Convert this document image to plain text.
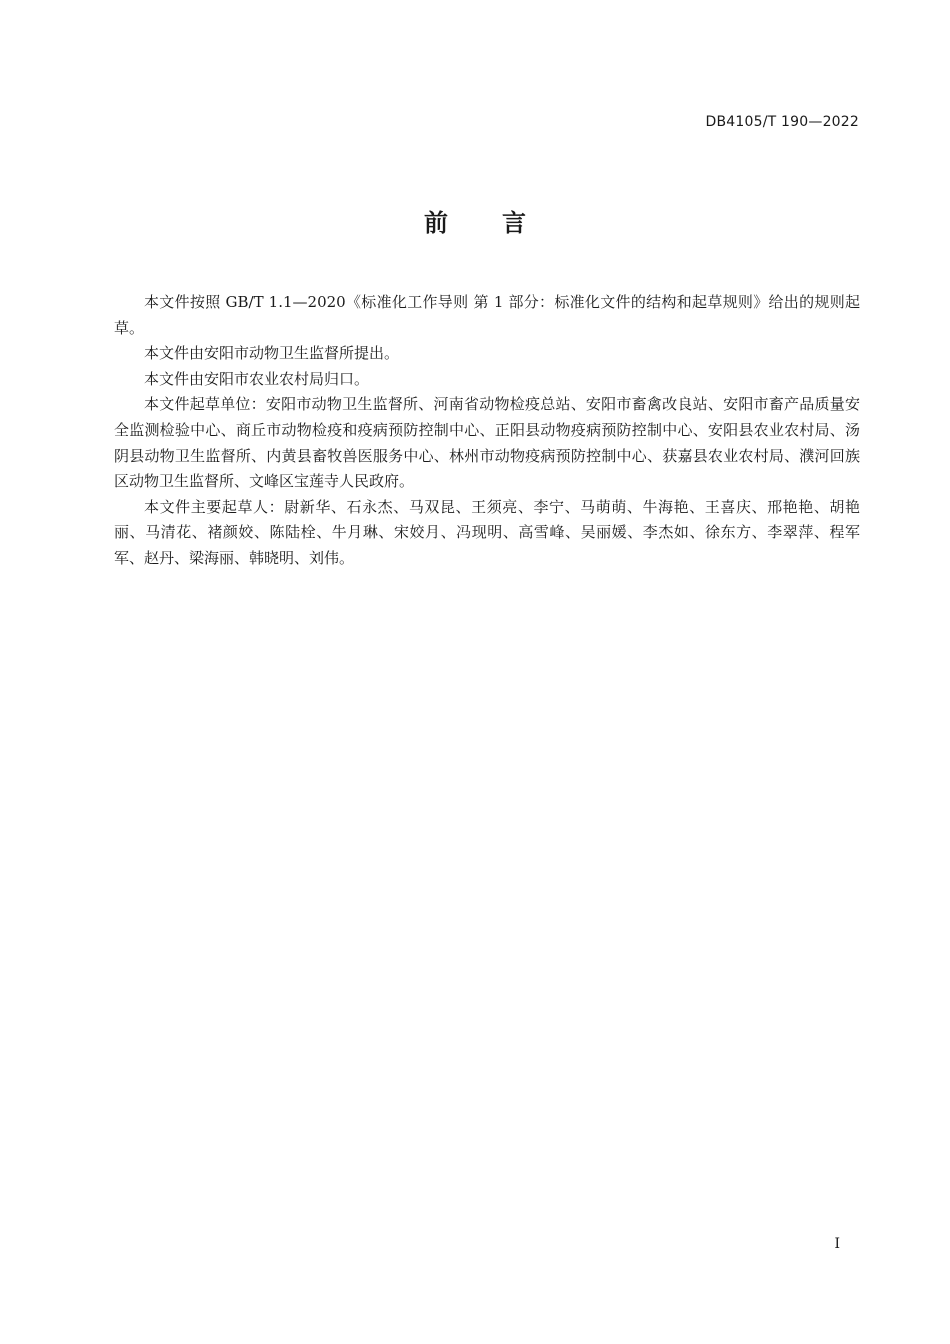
DB4105/T 190—2022
前 言

本文件按照 GB/T 1.1—2020《标准化工作导则 第 1 部分：标准化文件的结构和起草规则》给出的规则起草。

本文件由安阳市动物卫生监督所提出。

本文件由安阳市农业农村局归口。

本文件起草单位：安阳市动物卫生监督所、河南省动物检疫总站、安阳市畜禽改良站、安阳市畜产品质量安全监测检验中心、商丘市动物检疫和疫病预防控制中心、正阳县动物疫病预防控制中心、安阳县农业农村局、汤阴县动物卫生监督所、内黄县畜牧兽医服务中心、林州市动物疫病预防控制中心、获嘉县农业农村局、濮河回族区动物卫生监督所、文峰区宝莲寺人民政府。

本文件主要起草人：尉新华、石永杰、马双昆、王须亮、李宁、马萌萌、牛海艳、王喜庆、邢艳艳、胡艳丽、马清花、褚颜姣、陈陆栓、牛月琳、宋姣月、冯现明、高雪峰、吴丽媛、李杰如、徐东方、李翠萍、程军军、赵丹、梁海丽、韩晓明、刘伟。

I
